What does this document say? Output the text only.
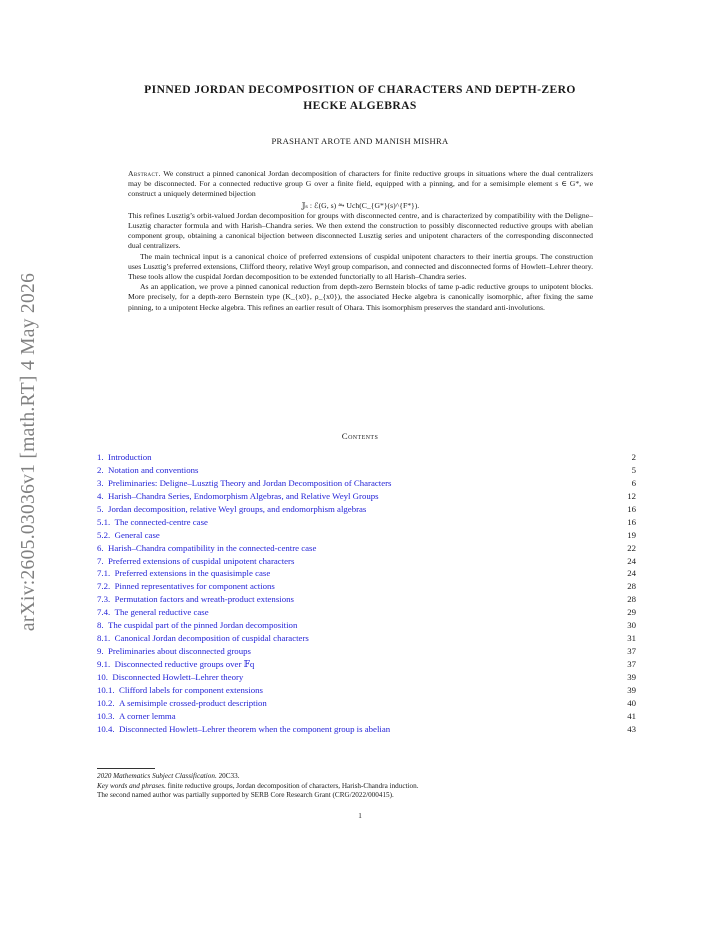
arXiv:2605.03036v1 [math.RT] 4 May 2026
PINNED JORDAN DECOMPOSITION OF CHARACTERS AND DEPTH-ZERO
HECKE ALGEBRAS
PRASHANT AROTE AND MANISH MISHRA

Abstract. We construct a pinned canonical Jordan decomposition of characters for finite reductive groups in situations where the dual centralizers may be disconnected. For a connected reductive group G over a finite field, equipped with a pinning, and for a semisimple element s ∈ G*, we construct a uniquely determined bijection

𝕁ₛ : ℰ(G, s) ⥲ Uch(C_{G*}(s)^{F*}).

This refines Lusztig’s orbit-valued Jordan decomposition for groups with disconnected centre, and is characterized by compatibility with the Deligne–Lusztig character formula and with Harish–Chandra series. We then extend the construction to possibly disconnected reductive groups with abelian component group, obtaining a canonical bijection between disconnected Lusztig series and unipotent characters of the corresponding disconnected dual centralizers.

The main technical input is a canonical choice of preferred extensions of cuspidal unipotent characters to their inertia groups. The construction uses Lusztig’s preferred extensions, Clifford theory, relative Weyl group comparison, and connected and disconnected forms of Howlett–Lehrer theory. These tools allow the cuspidal Jordan decomposition to be extended functorially to all Harish–Chandra series.

As an application, we prove a pinned canonical reduction from depth-zero Bernstein blocks of tame p-adic reductive groups to unipotent blocks. More precisely, for a depth-zero Bernstein type (K_{x0}, ρ_{x0}), the associated Hecke algebra is canonically isomorphic, after fixing the same pinning, to a unipotent Hecke algebra. This refines an earlier result of Ohara. This isomorphism preserves the standard anti-involutions.

Contents
1.  Introduction	2
2.  Notation and conventions	5
3.  Preliminaries: Deligne–Lusztig Theory and Jordan Decomposition of Characters	6
4.  Harish–Chandra Series, Endomorphism Algebras, and Relative Weyl Groups	12
5.  Jordan decomposition, relative Weyl groups, and endomorphism algebras	16
5.1.  The connected-centre case	16
5.2.  General case	19
6.  Harish–Chandra compatibility in the connected-centre case	22
7.  Preferred extensions of cuspidal unipotent characters	24
7.1.  Preferred extensions in the quasisimple case	24
7.2.  Pinned representatives for component actions	28
7.3.  Permutation factors and wreath-product extensions	28
7.4.  The general reductive case	29
8.  The cuspidal part of the pinned Jordan decomposition	30
8.1.  Canonical Jordan decomposition of cuspidal characters	31
9.  Preliminaries about disconnected groups	37
9.1.  Disconnected reductive groups over 𝔽q	37
10.  Disconnected Howlett–Lehrer theory	39
10.1.  Clifford labels for component extensions	39
10.2.  A semisimple crossed-product description	40
10.3.  A corner lemma	41
10.4.  Disconnected Howlett–Lehrer theorem when the component group is abelian	43
2020 Mathematics Subject Classification. 20C33.
Key words and phrases. finite reductive groups, Jordan decomposition of characters, Harish-Chandra induction.
The second named author was partially supported by SERB Core Research Grant (CRG/2022/000415).
1
